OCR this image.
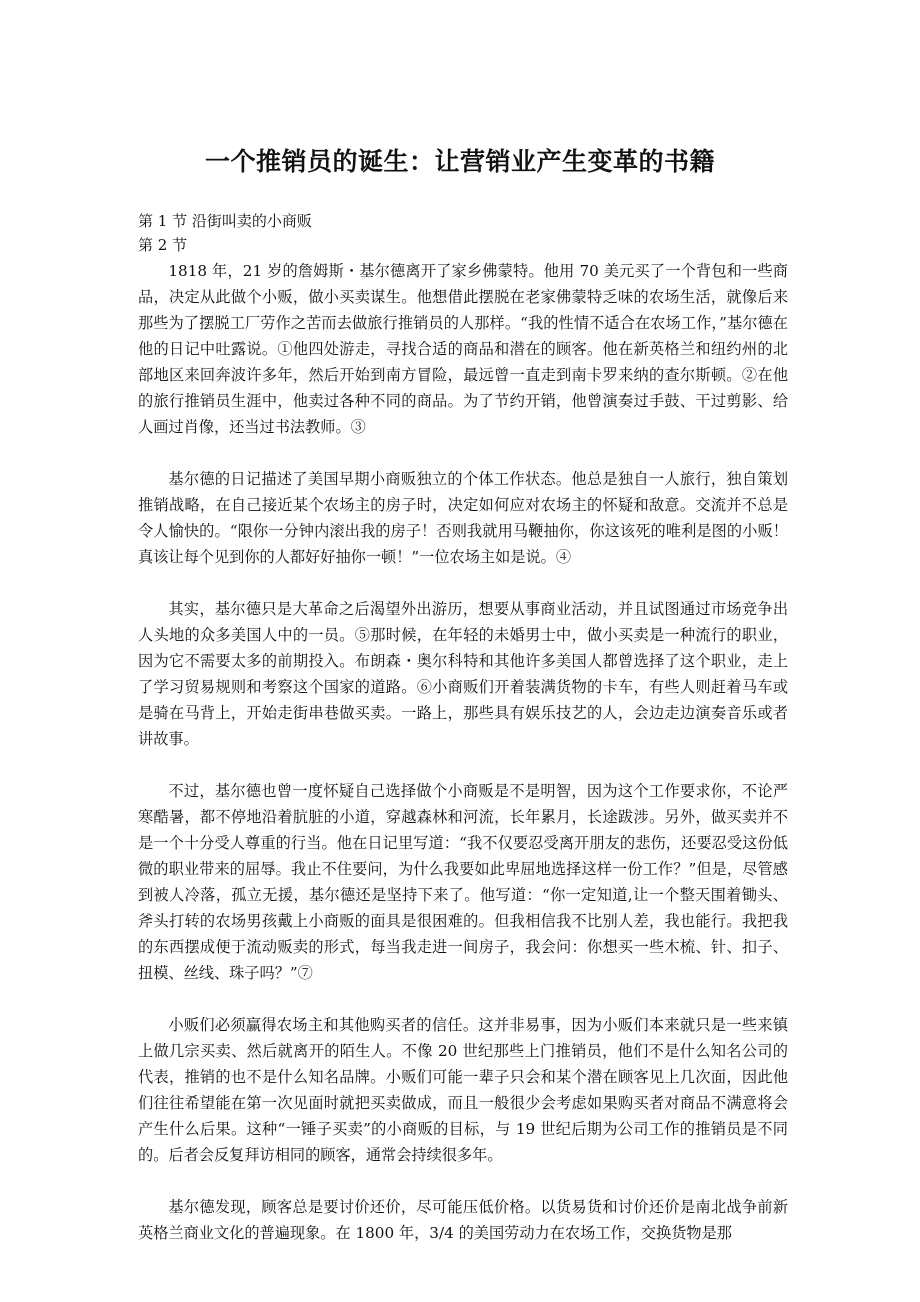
一个推销员的诞生：让营销业产生变革的书籍
第 1 节 沿街叫卖的小商贩
第 2 节

1818 年，21 岁的詹姆斯・基尔德离开了家乡佛蒙特。他用 70 美元买了一个背包和一些商品，决定从此做个小贩，做小买卖谋生。他想借此摆脱在老家佛蒙特乏味的农场生活，就像后来那些为了摆脱工厂劳作之苦而去做旅行推销员的人那样。“我的性情不适合在农场工作，”基尔德在他的日记中吐露说。①他四处游走，寻找合适的商品和潜在的顾客。他在新英格兰和纽约州的北部地区来回奔波许多年，然后开始到南方冒险，最远曾一直走到南卡罗来纳的查尔斯顿。②在他的旅行推销员生涯中，他卖过各种不同的商品。为了节约开销，他曾演奏过手鼓、干过剪影、给人画过肖像，还当过书法教师。③

基尔德的日记描述了美国早期小商贩独立的个体工作状态。他总是独自一人旅行，独自策划推销战略，在自己接近某个农场主的房子时，决定如何应对农场主的怀疑和敌意。交流并不总是令人愉快的。“限你一分钟内滚出我的房子！否则我就用马鞭抽你，你这该死的唯利是图的小贩！真该让每个见到你的人都好好抽你一顿！”一位农场主如是说。④

其实，基尔德只是大革命之后渴望外出游历，想要从事商业活动，并且试图通过市场竞争出人头地的众多美国人中的一员。⑤那时候，在年轻的未婚男士中，做小买卖是一种流行的职业，因为它不需要太多的前期投入。布朗森・奥尔科特和其他许多美国人都曾选择了这个职业，走上了学习贸易规则和考察这个国家的道路。⑥小商贩们开着装满货物的卡车，有些人则赶着马车或是骑在马背上，开始走街串巷做买卖。一路上，那些具有娱乐技艺的人，会边走边演奏音乐或者讲故事。

不过，基尔德也曾一度怀疑自己选择做个小商贩是不是明智，因为这个工作要求你，不论严寒酷暑，都不停地沿着肮脏的小道，穿越森林和河流，长年累月，长途跋涉。另外，做买卖并不是一个十分受人尊重的行当。他在日记里写道：“我不仅要忍受离开朋友的悲伤，还要忍受这份低微的职业带来的屈辱。我止不住要问，为什么我要如此卑屈地选择这样一份工作？”但是，尽管感到被人冷落，孤立无援，基尔德还是坚持下来了。他写道：“你一定知道,让一个整天围着锄头、斧头打转的农场男孩戴上小商贩的面具是很困难的。但我相信我不比别人差，我也能行。我把我的东西摆成便于流动贩卖的形式，每当我走进一间房子，我会问：你想买一些木梳、针、扣子、扭模、丝线、珠子吗？”⑦

小贩们必须赢得农场主和其他购买者的信任。这并非易事，因为小贩们本来就只是一些来镇上做几宗买卖、然后就离开的陌生人。不像 20 世纪那些上门推销员，他们不是什么知名公司的代表，推销的也不是什么知名品牌。小贩们可能一辈子只会和某个潜在顾客见上几次面，因此他们往往希望能在第一次见面时就把买卖做成，而且一般很少会考虑如果购买者对商品不满意将会产生什么后果。这种“一锤子买卖”的小商贩的目标，与 19 世纪后期为公司工作的推销员是不同的。后者会反复拜访相同的顾客，通常会持续很多年。

基尔德发现，顾客总是要讨价还价，尽可能压低价格。以货易货和讨价还价是南北战争前新英格兰商业文化的普遍现象。在 1800 年，3/4 的美国劳动力在农场工作，交换货物是那
